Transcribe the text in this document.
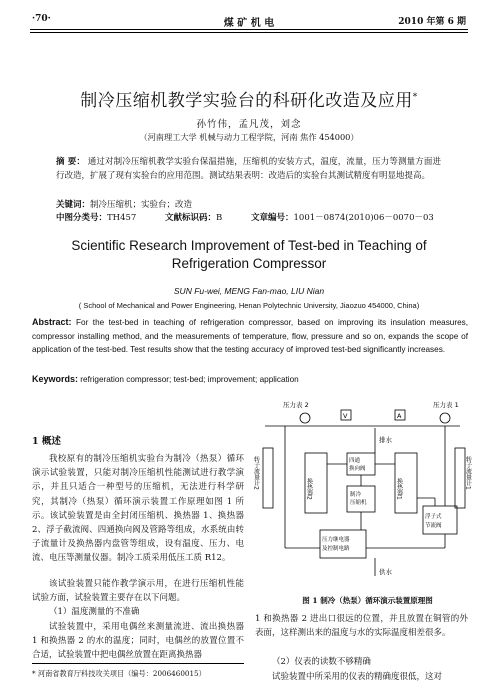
·70·	煤 矿 机 电	2010 年第 6 期
制冷压缩机教学实验台的科研化改造及应用*
孙竹伟，孟凡茂，刘念
（河南理工大学 机械与动力工程学院，河南 焦作 454000）
摘 要： 通过对制冷压缩机教学实验台保温措施，压缩机的安装方式，温度，流量，压力等测量方面进行改造，扩展了现有实验台的应用范围。测试结果表明：改造后的实验台其测试精度有明显地提高。
关键词：制冷压缩机；实验台；改造
中图分类号：TH457	文献标识码：B	文章编号：1001－0874(2010)06－0070－03
Scientific Research Improvement of Test-bed in Teaching of
Refrigeration Compressor
SUN Fu-wei, MENG Fan-mao, LIU Nian
( School of Mechanical and Power Engineering, Henan Polytechnic University, Jiaozuo 454000, China)
Abstract: For the test-bed in teaching of refrigeration compressor, based on improving its insulation measures, compressor installing method, and the measurements of temperature, flow, pressure and so on, expands the scope of application of the test-bed. Test results show that the testing accuracy of improved test-bed significantly increases.
Keywords: refrigeration compressor; test-bed; improvement; application
1 概述
我校原有的制冷压缩机实验台为制冷（热泵）循环演示试验装置，只能对制冷压缩机性能测试进行教学演示，并且只适合一种型号的压缩机，无法进行科学研究，其制冷（热泵）循环演示装置工作原理如图 1 所示。该试验装置是由全封闭压缩机、换热器 1、换热器 2、浮子截流阀、四通换向阀及管路等组成，水系统由转子流量计及换热器内盘管等组成，设有温度、压力、电流、电压等测量仪器。制冷工质采用低压工质 R12。
该试验装置只能作教学演示用，在进行压缩机性能试验方面，试验装置主要存在以下问题。
（1）温度测量的不准确
试验装置中，采用电偶丝来测量流进、流出换热器 1 和换热器 2 的水的温度；同时，电偶丝的放置位置不合适，试验装置中把电偶丝放置在距离换热器
* 河南省教育厅科技攻关项目（编号：2006460015）
压力表 2	压力表 1
V	A
排水
四通
换向阀
制冷
压缩机
换热器2	换热器1
转子流量计2	转子流量计1
浮子式
节流阀
压力继电器
及控制电路
供水
图 1 制冷（热泵）循环演示装置原理图
1 和换热器 2 进出口很远的位置，并且放置在铜管的外表面，这样测出来的温度与水的实际温度相差很多。
（2）仪表的读数不够精确
试验装置中所采用的仪表的精确度很低，这对
